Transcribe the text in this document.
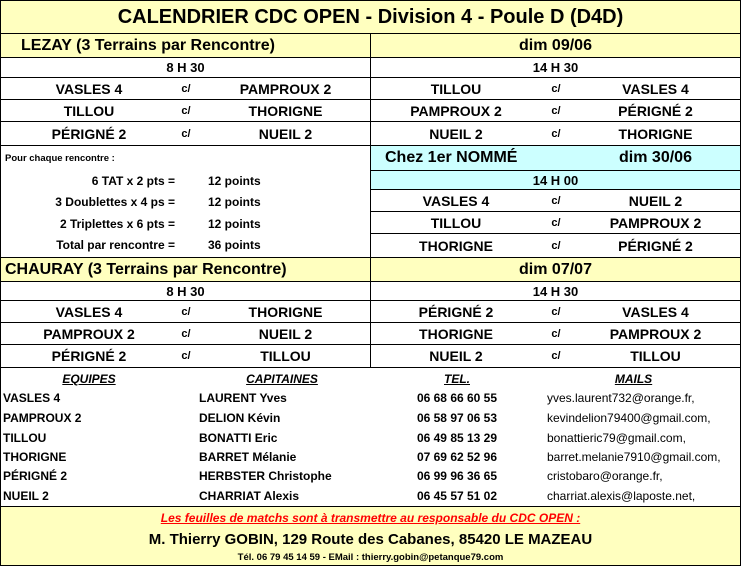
CALENDRIER CDC OPEN - Division 4 - Poule D (D4D)
LEZAY (3 Terrains par Rencontre)	dim 09/06
8 H 30	14 H 30
VASLES 4	c/	PAMPROUX 2	TILLOU	c/	VASLES 4
TILLOU	c/	THORIGNE	PAMPROUX 2	c/	PÉRIGNÉ 2
PÉRIGNÉ 2	c/	NUEIL 2	NUEIL 2	c/	THORIGNE
Pour chaque rencontre :
6 TAT x 2 pts =	12 points
3 Doublettes x 4 ps =	12 points
2 Triplettes x 6 pts =	12 points
Total par rencontre =	36 points
Chez 1er NOMMÉ	dim 30/06
14 H 00
VASLES 4	c/	NUEIL 2
TILLOU	c/	PAMPROUX 2
THORIGNE	c/	PÉRIGNÉ 2
CHAURAY (3 Terrains par Rencontre)	dim 07/07
8 H 30	14 H 30
VASLES 4	c/	THORIGNE	PÉRIGNÉ 2	c/	VASLES 4
PAMPROUX 2	c/	NUEIL 2	THORIGNE	c/	PAMPROUX 2
PÉRIGNÉ 2	c/	TILLOU	NUEIL 2	c/	TILLOU
EQUIPES	CAPITAINES	TEL.	MAILS
VASLES 4	LAURENT Yves	06 68 66 60 55	yves.laurent732@orange.fr,
PAMPROUX 2	DELION Kévin	06 58 97 06 53	kevindelion79400@gmail.com,
TILLOU	BONATTI Eric	06 49 85 13 29	bonattieric79@gmail.com,
THORIGNE	BARRET Mélanie	07 69 62 52 96	barret.melanie7910@gmail.com,
PÉRIGNÉ 2	HERBSTER Christophe	06 99 96 36 65	cristobaro@orange.fr,
NUEIL 2	CHARRIAT Alexis	06 45 57 51 02	charriat.alexis@laposte.net,
Les feuilles de matchs sont à transmettre au responsable du CDC OPEN :
M. Thierry GOBIN, 129 Route des Cabanes, 85420 LE MAZEAU
Tél. 06 79 45 14 59 - EMail : thierry.gobin@petanque79.com
